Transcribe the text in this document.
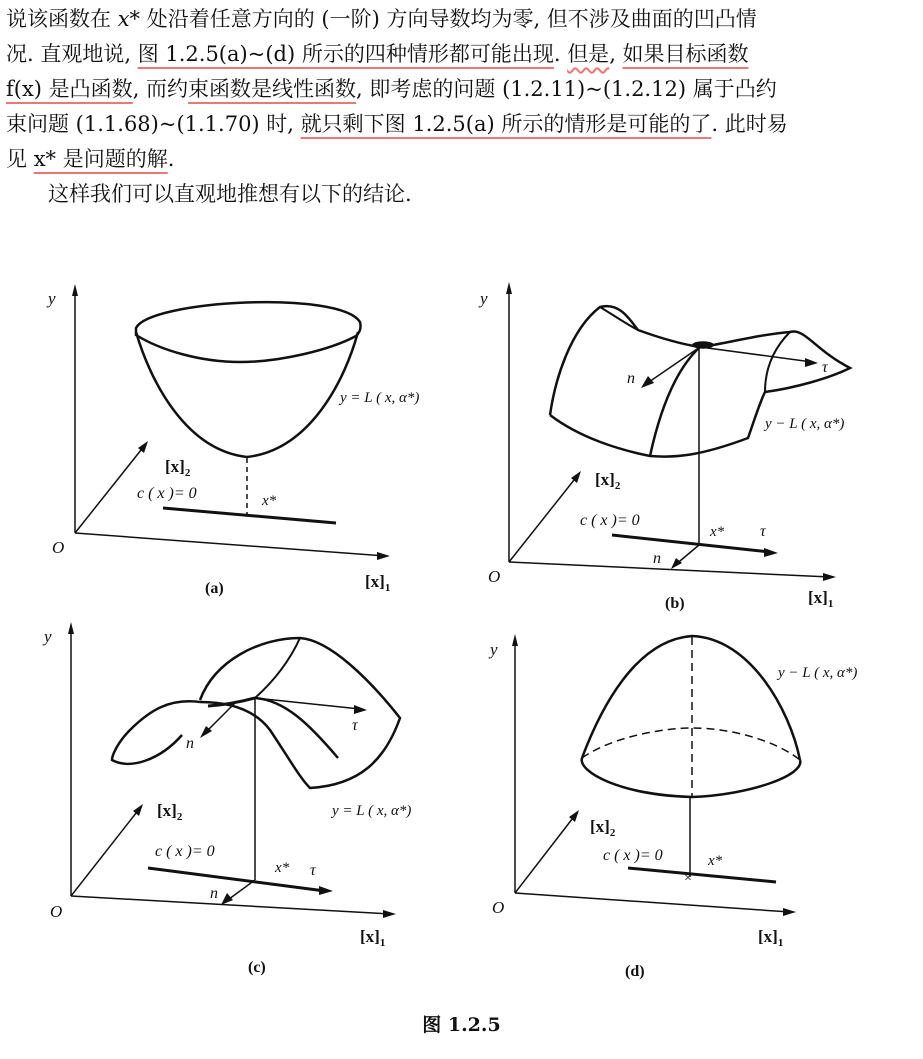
说该函数在 x* 处沿着任意方向的 (一阶) 方向导数均为零, 但不涉及曲面的凹凸情
况. 直观地说, 图 1.2.5(a)~(d) 所示的四种情形都可能出现. 但是, 如果目标函数
f(x) 是凸函数, 而约束函数是线性函数, 即考虑的问题 (1.2.11)~(1.2.12) 属于凸约
束问题 (1.1.68)~(1.1.70) 时, 就只剩下图 1.2.5(a) 所示的情形是可能的了. 此时易
见 x* 是问题的解.
这样我们可以直观地推想有以下的结论.
y
O
$[x]_1$
$[x]_2$
c ( x )= 0	x*
y = L ( x, α*)
(a)
y
O
$[x]_1$
$[x]_2$
c ( x )= 0
x* τ
n
τ
n
y − L ( x, α*)
(b)
y
O
$[x]_1$
$[x]_2$
c ( x )= 0
x* τ
n
τ
n
y = L ( x, α*)
(c)
×
y
O
$[x]_1$
$[x]_2$
c ( x )= 0	x*
y − L ( x, α*)
(d)
图 1.2.5
